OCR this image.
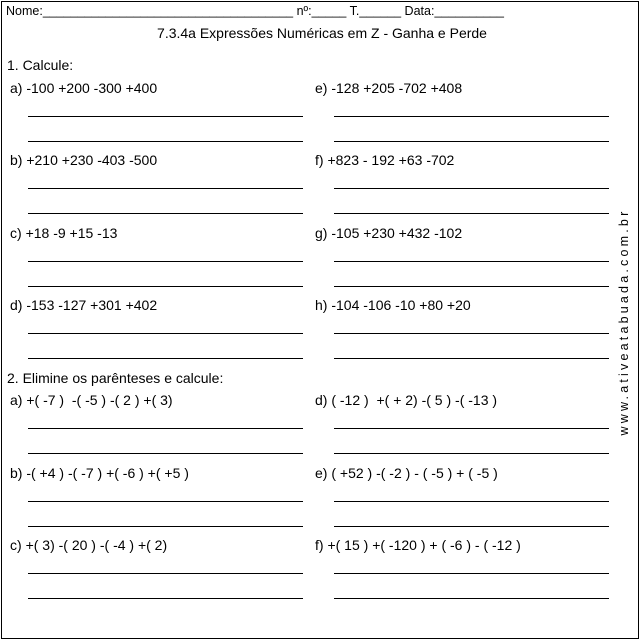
Nome:____________________________________ nº:_____ T.______ Data:__________
7.3.4a Expressões Numéricas em Z - Ganha e Perde
1. Calcule:
a) -100 +200 -300 +400
b) +210 +230 -403 -500
c) +18 -9 +15 -13
d) -153 -127 +301 +402
e) -128 +205 -702 +408
f) +823 - 192 +63 -702
g) -105 +230 +432 -102
h) -104 -106 -10 +80 +20
2. Elimine os parênteses e calcule:
a) +( -7 )  -( -5 ) -( 2 ) +( 3)
b) -( +4 ) -( -7 ) +( -6 ) +( +5 )
c) +( 3) -( 20 ) -( -4 ) +( 2)
d) ( -12 )  +( + 2) -( 5 ) -( -13 )
e) ( +52 ) -( -2 ) - ( -5 ) + ( -5 )
f) +( 15 ) +( -120 ) + ( -6 ) - ( -12 )
www.ativeatabuada.com.br
